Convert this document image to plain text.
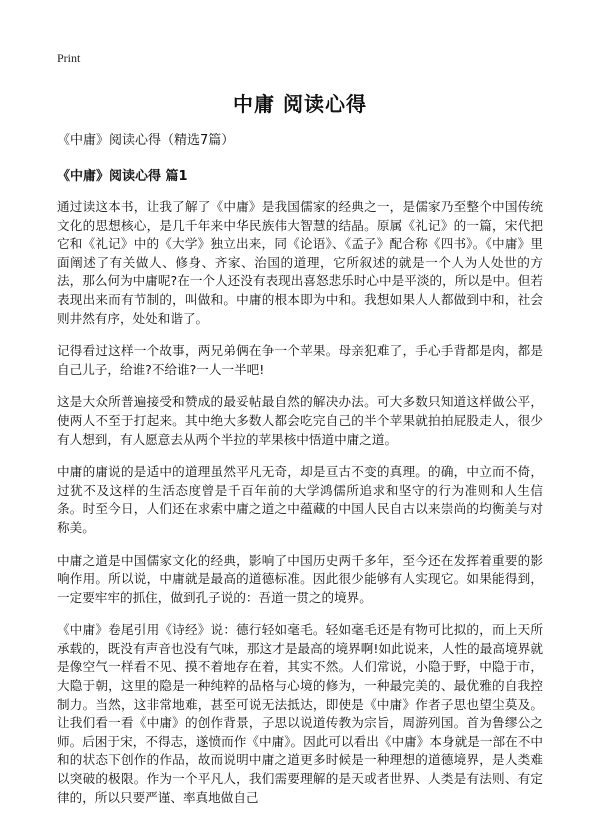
Print
中庸 阅读心得

《中庸》阅读心得（精选7篇）

《中庸》阅读心得 篇1

通过读这本书，让我了解了《中庸》是我国儒家的经典之一，是儒家乃至整个中国传统文化的思想核心，是几千年来中华民族伟大智慧的结晶。原属《礼记》的一篇，宋代把它和《礼记》中的《大学》独立出来，同《论语》、《孟子》配合称《四书》。《中庸》里面阐述了有关做人、修身、齐家、治国的道理，它所叙述的就是一个人为人处世的方法，那么何为中庸呢?在一个人还没有表现出喜怒悲乐时心中是平淡的，所以是中。但若表现出来而有节制的，叫做和。中庸的根本即为中和。我想如果人人都做到中和，社会则井然有序，处处和谐了。

记得看过这样一个故事，两兄弟俩在争一个苹果。母亲犯难了，手心手背都是肉，都是自己儿子，给谁?不给谁?一人一半吧!

这是大众所普遍接受和赞成的最妥帖最自然的解决办法。可大多数只知道这样做公平，使两人不至于打起来。其中绝大多数人都会吃完自己的半个苹果就拍拍屁股走人，很少有人想到，有人愿意去从两个半拉的苹果核中悟道中庸之道。

中庸的庸说的是适中的道理虽然平凡无奇，却是亘古不变的真理。的确，中立而不倚，过犹不及这样的生活态度曾是千百年前的大学鸿儒所追求和坚守的行为准则和人生信条。时至今日，人们还在求索中庸之道之中蕴藏的中国人民自古以来崇尚的均衡美与对称美。

中庸之道是中国儒家文化的经典，影响了中国历史两千多年，至今还在发挥着重要的影响作用。所以说，中庸就是最高的道德标准。因此很少能够有人实现它。如果能得到，一定要牢牢的抓住，做到孔子说的：吾道一贯之的境界。

《中庸》卷尾引用《诗经》说：德行轻如毫毛。轻如毫毛还是有物可比拟的，而上天所承载的，既没有声音也没有气味，那这才是最高的境界啊!如此说来，人性的最高境界就是像空气一样看不见、摸不着地存在着，其实不然。人们常说，小隐于野，中隐于市，大隐于朝，这里的隐是一种纯粹的品格与心境的修为，一种最完美的、最优雅的自我控制力。当然，这非常地难，甚至可说无法抵达，即使是《中庸》作者子思也望尘莫及。让我们看一看《中庸》的创作背景，子思以说道传教为宗旨，周游列国。首为鲁缪公之师。后困于宋，不得志，遂愤而作《中庸》。因此可以看出《中庸》本身就是一部在不中和的状态下创作的作品，故而说明中庸之道更多时候是一种理想的道德境界，是人类难以突破的极限。作为一个平凡人，我们需要理解的是天或者世界、人类是有法则、有定律的，所以只要严谨、率真地做自己
